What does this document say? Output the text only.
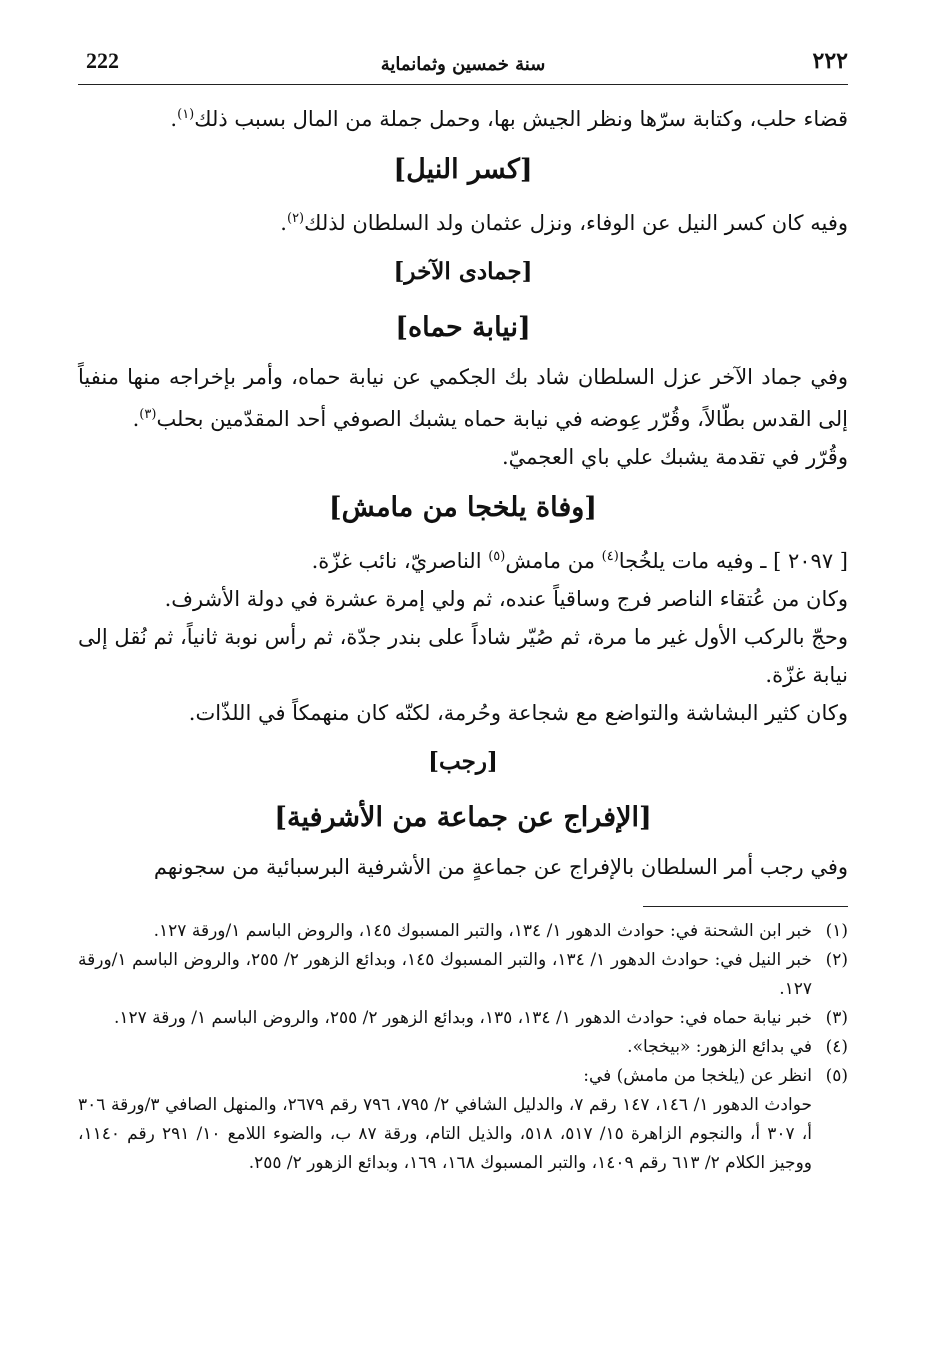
222	سنة خمسين وثمانماية	٢٢٢

قضاء حلب، وكتابة سرّها ونظر الجيش بها، وحمل جملة من المال بسبب ذلك$^{(١)}$.

[كسر النيل]

وفيه كان كسر النيل عن الوفاء، ونزل عثمان ولد السلطان لذلك$^{(٢)}$.

[جمادى الآخر]
[نيابة حماه]

وفي جماد الآخر عزل السلطان شاد بك الجكمي عن نيابة حماه، وأمر بإخراجه منها منفياً إلى القدس بطّالاً، وقُرّر عِوضه في نيابة حماه يشبك الصوفي أحد المقدّمين بحلب$^{(٣)}$.

وقُرّر في تقدمة يشبك علي باي العجميّ.

[وفاة يلخجا من مامش]

[ ٢٠٩٧ ] ـ وفيه مات يلخُجا$^{(٤)}$ من مامش$^{(٥)}$ الناصريّ، نائب غزّة.

وكان من عُتقاء الناصر فرج وساقياً عنده، ثم ولي إمرة عشرة في دولة الأشرف.

وحجّ بالركب الأول غير ما مرة، ثم صُيّر شاداً على بندر جدّة، ثم رأس نوبة ثانياً، ثم نُقل إلى نيابة غزّة.

وكان كثير البشاشة والتواضع مع شجاعة وحُرمة، لكنّه كان منهمكاً في اللذّات.

[رجب]
[الإفراج عن جماعة من الأشرفية]

وفي رجب أمر السلطان بالإفراج عن جماعةٍ من الأشرفية البرسبائية من سجونهم

(١)
خبر ابن الشحنة في: حوادث الدهور ١/ ١٣٤، والتبر المسبوك ١٤٥، والروض الباسم ١/ورقة ١٢٧.
(٢)
خبر النيل في: حوادث الدهور ١/ ١٣٤، والتبر المسبوك ١٤٥، وبدائع الزهور ٢/ ٢٥٥، والروض الباسم ١/ورقة ١٢٧.
(٣)
خبر نيابة حماه في: حوادث الدهور ١/ ١٣٤، ١٣٥، وبدائع الزهور ٢/ ٢٥٥، والروض الباسم ١/ ورقة ١٢٧.
(٤)
في بدائع الزهور: «بيخجا».
(٥)
انظر عن (يلخجا من مامش) في:
حوادث الدهور ١/ ١٤٦، ١٤٧ رقم ٧، والدليل الشافي ٢/ ٧٩٥، ٧٩٦ رقم ٢٦٧٩، والمنهل الصافي ٣/ورقة ٣٠٦ أ، ٣٠٧ أ، والنجوم الزاهرة ١٥/ ٥١٧، ٥١٨، والذيل التام، ورقة ٨٧ ب، والضوء اللامع ١٠/ ٢٩١ رقم ١١٤٠، ووجيز الكلام ٢/ ٦١٣ رقم ١٤٠٩، والتبر المسبوك ١٦٨، ١٦٩، وبدائع الزهور ٢/ ٢٥٥.
